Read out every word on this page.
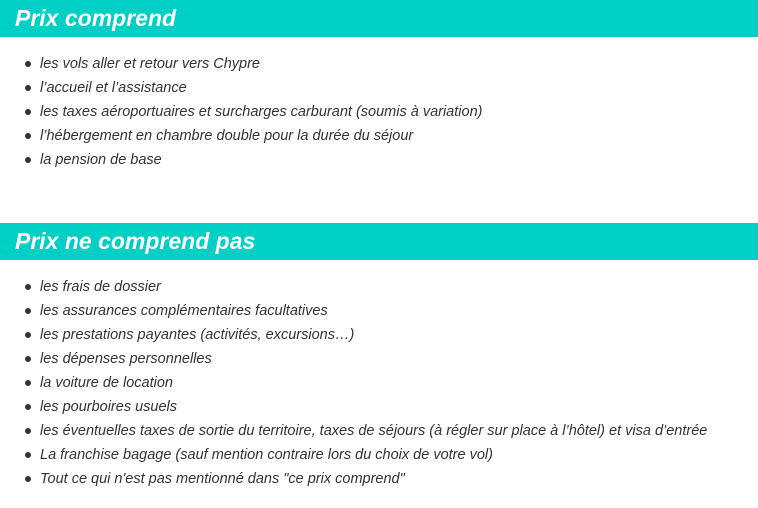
Prix comprend
les vols aller et retour vers Chypre
l’accueil et l’assistance
les taxes aéroportuaires et surcharges carburant (soumis à variation)
l’hébergement en chambre double pour la durée du séjour
la pension de base
Prix ne comprend pas
les frais de dossier
les assurances complémentaires facultatives
les prestations payantes (activités, excursions…)
les dépenses personnelles
la voiture de location
les pourboires usuels
les éventuelles taxes de sortie du territoire, taxes de séjours (à régler sur place à l’hôtel) et visa d’entrée
La franchise bagage (sauf mention contraire lors du choix de votre vol)
Tout ce qui n'est pas mentionné dans "ce prix comprend"
